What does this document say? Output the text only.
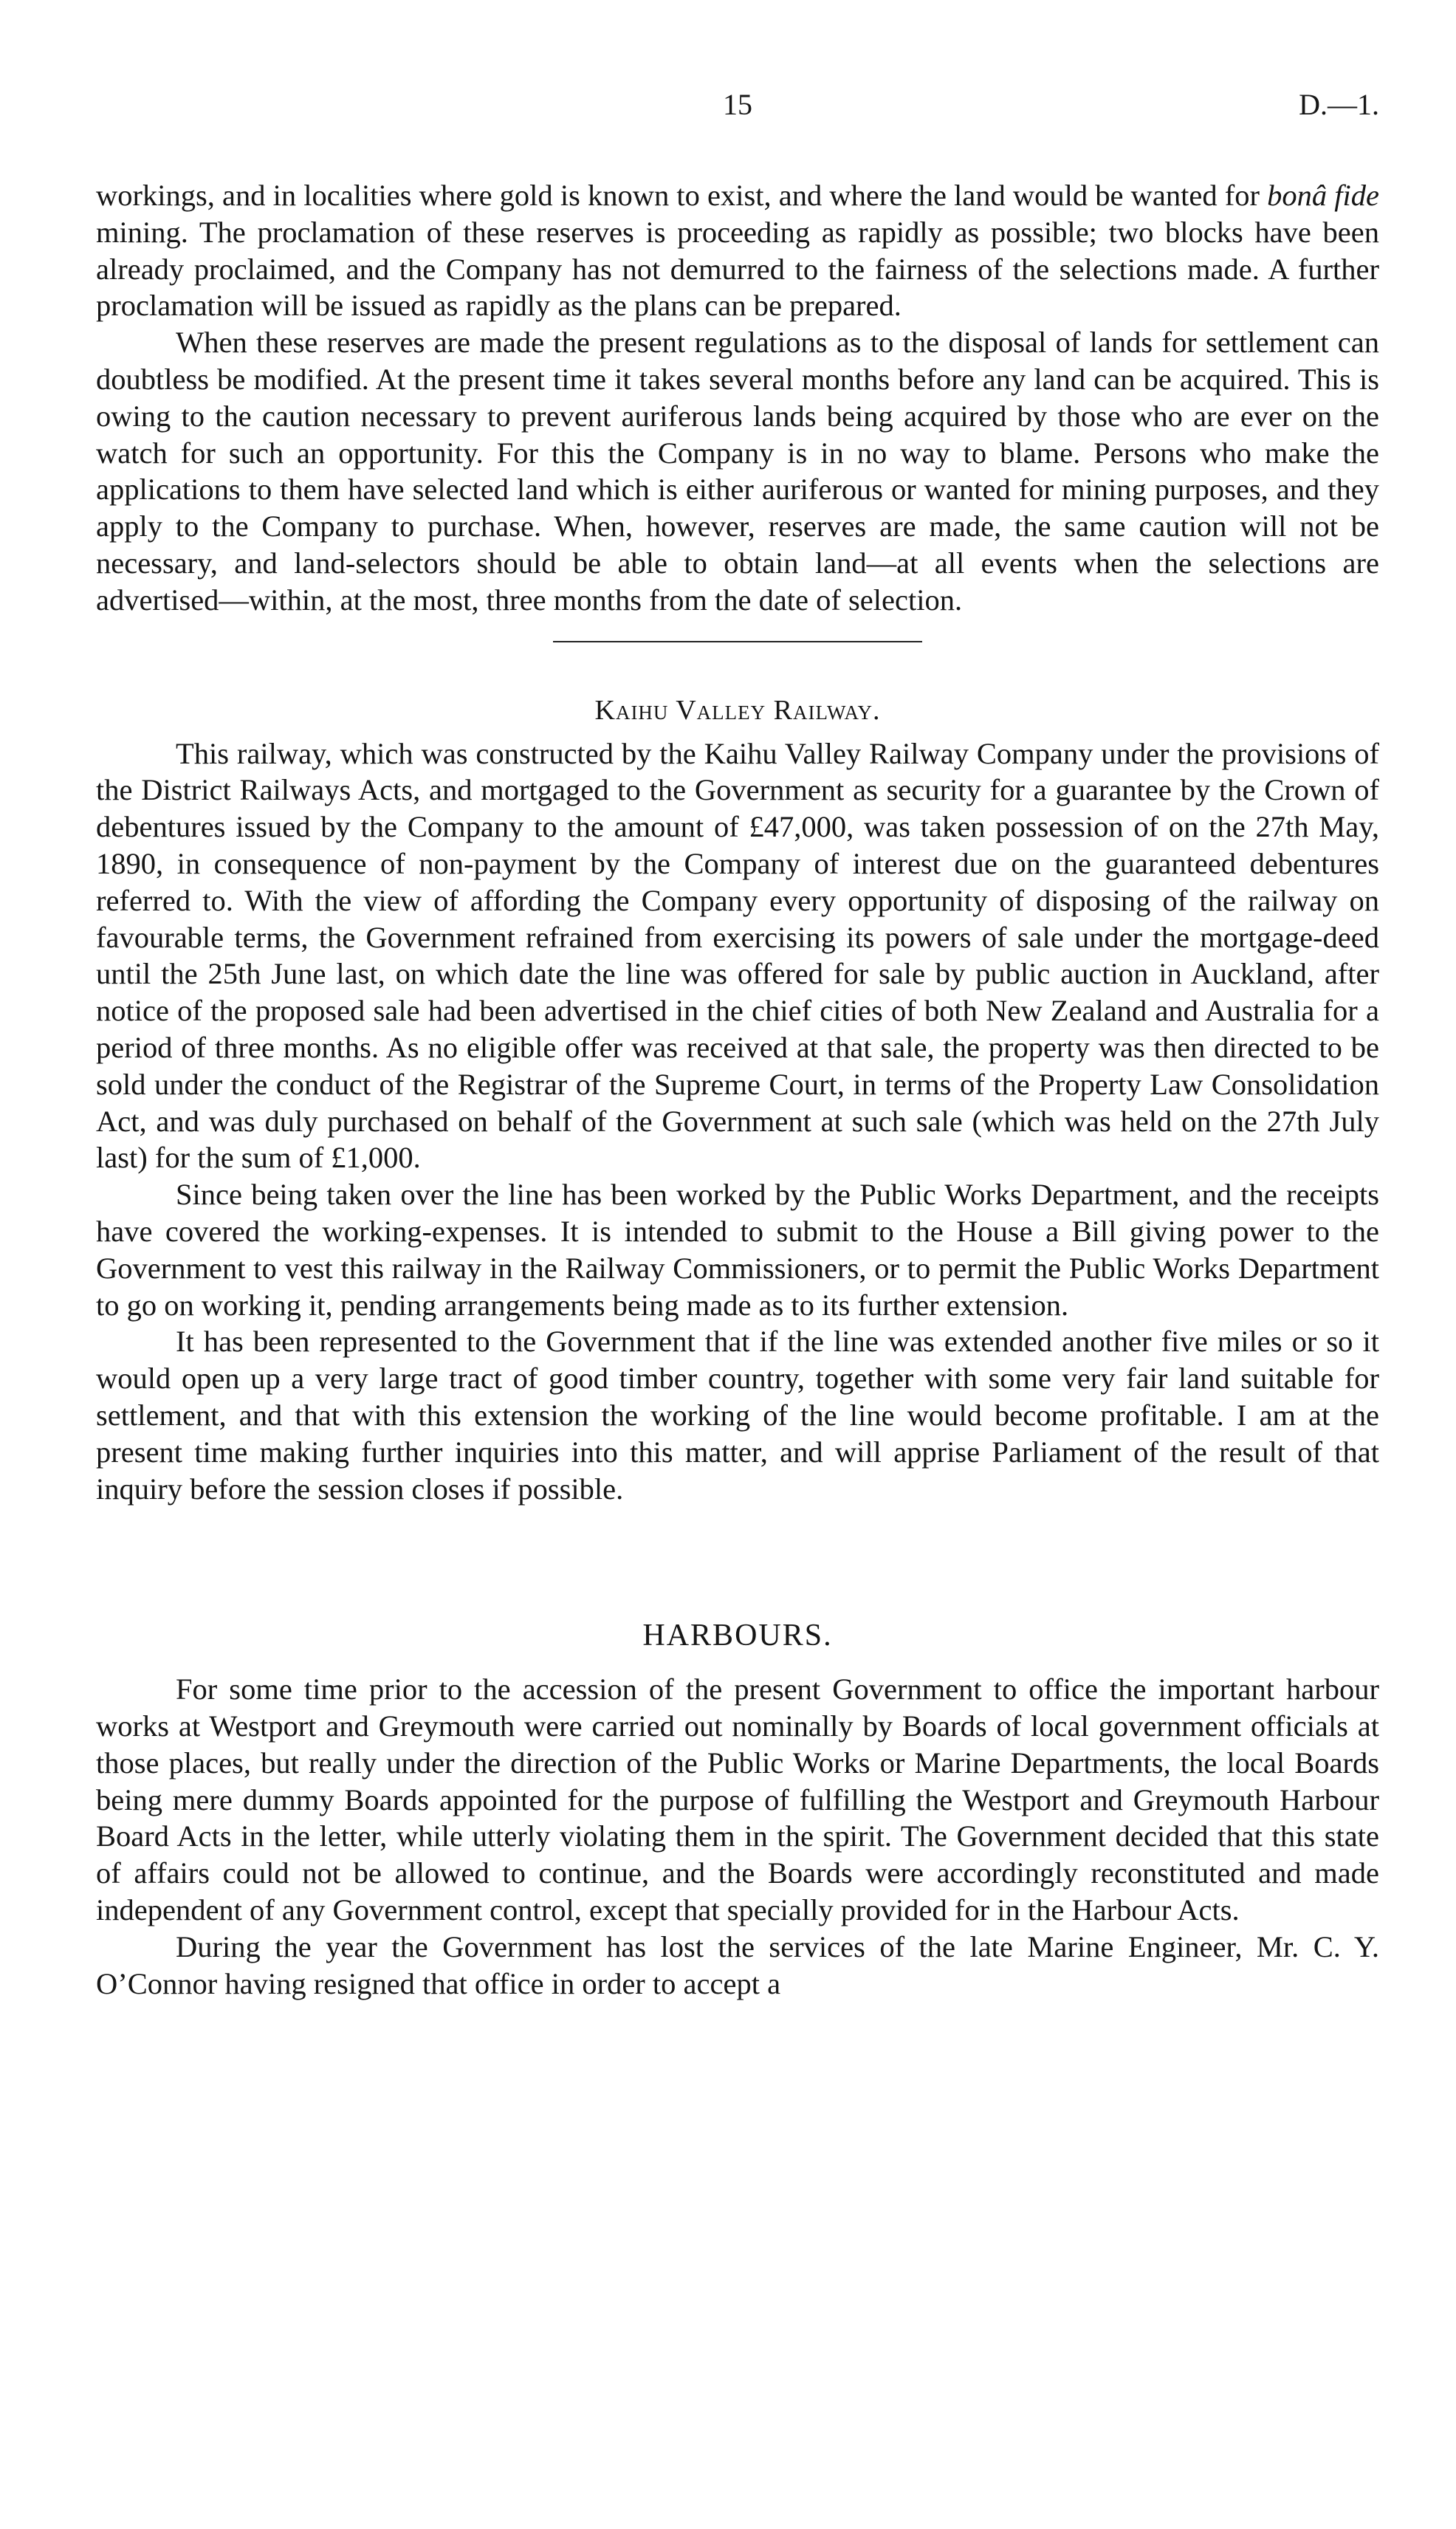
15	D.—1.

workings, and in localities where gold is known to exist, and where the land would be wanted for bonâ fide mining. The proclamation of these reserves is proceeding as rapidly as possible; two blocks have been already proclaimed, and the Company has not demurred to the fairness of the selections made. A further proclamation will be issued as rapidly as the plans can be prepared.

When these reserves are made the present regulations as to the disposal of lands for settlement can doubtless be modified. At the present time it takes several months before any land can be acquired. This is owing to the caution necessary to prevent auriferous lands being acquired by those who are ever on the watch for such an opportunity. For this the Company is in no way to blame. Persons who make the applications to them have selected land which is either auriferous or wanted for mining purposes, and they apply to the Company to purchase. When, however, reserves are made, the same caution will not be necessary, and land-selectors should be able to obtain land—at all events when the selections are advertised—within, at the most, three months from the date of selection.

Kaihu Valley Railway.

This railway, which was constructed by the Kaihu Valley Railway Company under the provisions of the District Railways Acts, and mortgaged to the Government as security for a guarantee by the Crown of debentures issued by the Company to the amount of £47,000, was taken possession of on the 27th May, 1890, in consequence of non-payment by the Company of interest due on the guaranteed debentures referred to. With the view of affording the Company every opportunity of disposing of the railway on favourable terms, the Government refrained from exercising its powers of sale under the mortgage-deed until the 25th June last, on which date the line was offered for sale by public auction in Auckland, after notice of the proposed sale had been advertised in the chief cities of both New Zealand and Australia for a period of three months. As no eligible offer was received at that sale, the property was then directed to be sold under the conduct of the Registrar of the Supreme Court, in terms of the Property Law Consolidation Act, and was duly purchased on behalf of the Government at such sale (which was held on the 27th July last) for the sum of £1,000.

Since being taken over the line has been worked by the Public Works Department, and the receipts have covered the working-expenses. It is intended to submit to the House a Bill giving power to the Government to vest this railway in the Railway Commissioners, or to permit the Public Works Department to go on working it, pending arrangements being made as to its further extension.

It has been represented to the Government that if the line was extended another five miles or so it would open up a very large tract of good timber country, together with some very fair land suitable for settlement, and that with this extension the working of the line would become profitable. I am at the present time making further inquiries into this matter, and will apprise Parliament of the result of that inquiry before the session closes if possible.

HARBOURS.

For some time prior to the accession of the present Government to office the important harbour works at Westport and Greymouth were carried out nominally by Boards of local government officials at those places, but really under the direction of the Public Works or Marine Departments, the local Boards being mere dummy Boards appointed for the purpose of fulfilling the Westport and Greymouth Harbour Board Acts in the letter, while utterly violating them in the spirit. The Government decided that this state of affairs could not be allowed to continue, and the Boards were accordingly reconstituted and made independent of any Government control, except that specially provided for in the Harbour Acts.

During the year the Government has lost the services of the late Marine Engineer, Mr. C. Y. O’Connor having resigned that office in order to accept a
